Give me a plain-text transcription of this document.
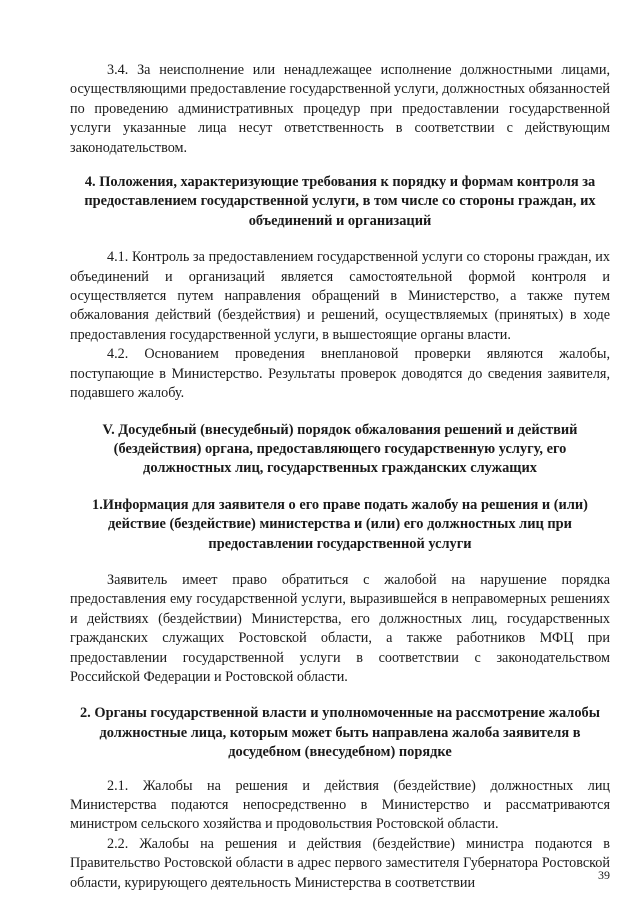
3.4. За неисполнение или ненадлежащее исполнение должностными лицами, осуществляющими предоставление государственной услуги, должностных обязанностей по проведению административных процедур при предоставлении государственной услуги указанные лица несут ответственность в соответствии с действующим законодательством.

4. Положения, характеризующие требования к порядку и формам контроля за предоставлением государственной услуги, в том числе со стороны граждан, их объединений и организаций

4.1. Контроль за предоставлением государственной услуги со стороны граждан, их объединений и организаций является самостоятельной формой контроля и осуществляется путем направления обращений в Министерство, а также путем обжалования действий (бездействия) и решений, осуществляемых (принятых) в ходе предоставления государственной услуги, в вышестоящие органы власти.

4.2. Основанием проведения внеплановой проверки являются жалобы, поступающие в Министерство. Результаты проверок доводятся до сведения заявителя, подавшего жалобу.

V. Досудебный (внесудебный) порядок обжалования решений и действий (бездействия) органа, предоставляющего государственную услугу, его должностных лиц, государственных гражданских служащих

1.Информация для заявителя о его праве подать жалобу на решения и (или) действие (бездействие) министерства и (или) его должностных лиц при предоставлении государственной услуги

Заявитель имеет право обратиться с жалобой на нарушение порядка предоставления ему государственной услуги, выразившейся в неправомерных решениях и действиях (бездействии) Министерства, его должностных лиц, государственных гражданских служащих Ростовской области, а также работников МФЦ при предоставлении государственной услуги в соответствии с законодательством Российской Федерации и Ростовской области.

2. Органы государственной власти и уполномоченные на рассмотрение жалобы должностные лица, которым может быть направлена жалоба заявителя в досудебном (внесудебном) порядке

2.1. Жалобы на решения и действия (бездействие) должностных лиц Министерства подаются непосредственно в Министерство и рассматриваются министром сельского хозяйства и продовольствия Ростовской области.

2.2. Жалобы на решения и действия (бездействие) министра подаются в Правительство Ростовской области в адрес первого заместителя Губернатора Ростовской области, курирующего деятельность Министерства в соответствии	39
